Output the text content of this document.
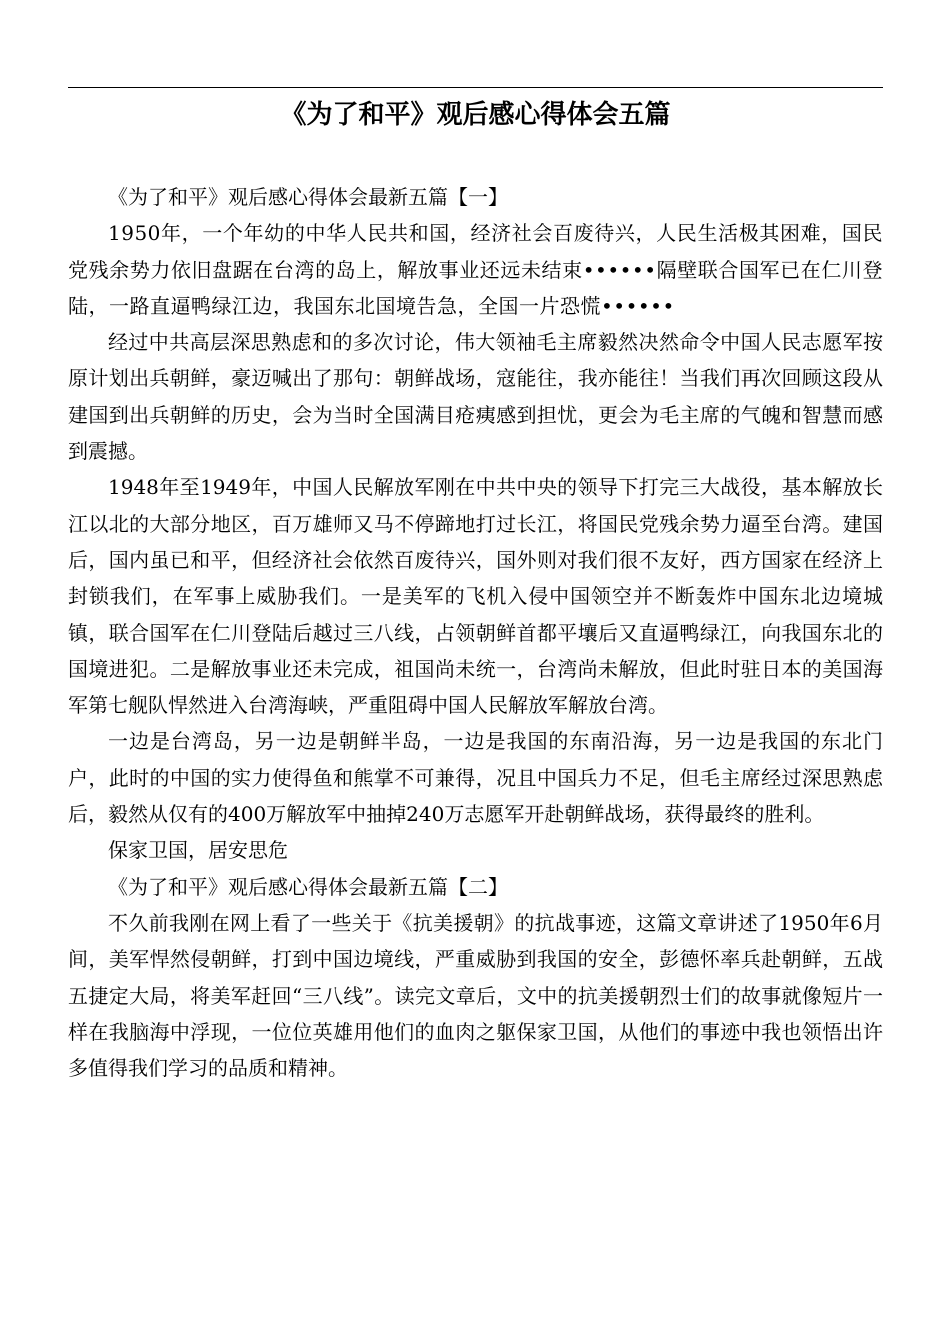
《为了和平》观后感心得体会五篇

《为了和平》观后感心得体会最新五篇【一】

1950年，一个年幼的中华人民共和国，经济社会百废待兴，人民生活极其困难，国民党残余势力依旧盘踞在台湾的岛上，解放事业还远未结束••••••隔壁联合国军已在仁川登陆，一路直逼鸭绿江边，我国东北国境告急，全国一片恐慌••••••

经过中共高层深思熟虑和的多次讨论，伟大领袖毛主席毅然决然命令中国人民志愿军按原计划出兵朝鲜，豪迈喊出了那句：朝鲜战场，寇能往，我亦能往！当我们再次回顾这段从建国到出兵朝鲜的历史，会为当时全国满目疮痍感到担忧，更会为毛主席的气魄和智慧而感到震撼。

1948年至1949年，中国人民解放军刚在中共中央的领导下打完三大战役，基本解放长江以北的大部分地区，百万雄师又马不停蹄地打过长江，将国民党残余势力逼至台湾。建国后，国内虽已和平，但经济社会依然百废待兴，国外则对我们很不友好，西方国家在经济上封锁我们，在军事上威胁我们。一是美军的飞机入侵中国领空并不断轰炸中国东北边境城镇，联合国军在仁川登陆后越过三八线，占领朝鲜首都平壤后又直逼鸭绿江，向我国东北的国境进犯。二是解放事业还未完成，祖国尚未统一，台湾尚未解放，但此时驻日本的美国海军第七舰队悍然进入台湾海峡，严重阻碍中国人民解放军解放台湾。

一边是台湾岛，另一边是朝鲜半岛，一边是我国的东南沿海，另一边是我国的东北门户，此时的中国的实力使得鱼和熊掌不可兼得，况且中国兵力不足，但毛主席经过深思熟虑后，毅然从仅有的400万解放军中抽掉240万志愿军开赴朝鲜战场，获得最终的胜利。

保家卫国，居安思危

《为了和平》观后感心得体会最新五篇【二】

不久前我刚在网上看了一些关于《抗美援朝》的抗战事迹，这篇文章讲述了1950年6月间，美军悍然侵朝鲜，打到中国边境线，严重威胁到我国的安全，彭德怀率兵赴朝鲜，五战五捷定大局，将美军赶回“三八线”。读完文章后，文中的抗美援朝烈士们的故事就像短片一样在我脑海中浮现，一位位英雄用他们的血肉之躯保家卫国，从他们的事迹中我也领悟出许多值得我们学习的品质和精神。
